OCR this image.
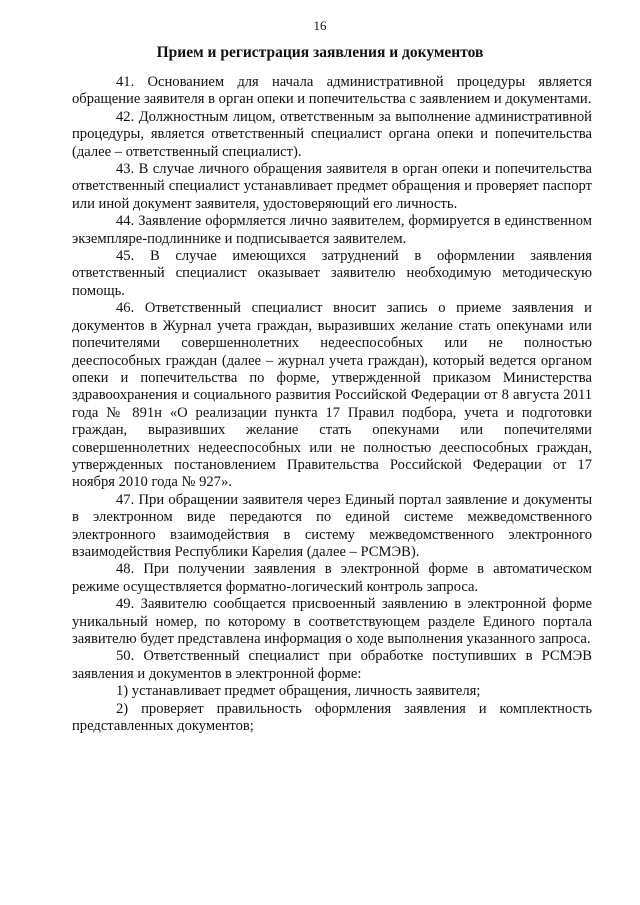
16
Прием и регистрация заявления и документов

41. Основанием для начала административной процедуры является обращение заявителя в орган опеки и попечительства с заявлением и документами.

42. Должностным лицом, ответственным за выполнение административной процедуры, является ответственный специалист органа опеки и попечительства (далее – ответственный специалист).

43. В случае личного обращения заявителя в орган опеки и попечительства ответственный специалист устанавливает предмет обращения и проверяет паспорт или иной документ заявителя, удостоверяющий его личность.

44. Заявление оформляется лично заявителем, формируется в единственном экземпляре-подлиннике и подписывается заявителем.

45. В случае имеющихся затруднений в оформлении заявления ответственный специалист оказывает заявителю необходимую методическую помощь.

46. Ответственный специалист вносит запись о приеме заявления и документов в Журнал учета граждан, выразивших желание стать опекунами или попечителями совершеннолетних недееспособных или не полностью дееспособных граждан (далее – журнал учета граждан), который ведется органом опеки и попечительства по форме, утвержденной приказом Министерства здравоохранения и социального развития Российской Федерации от 8 августа 2011 года № 891н «О реализации пункта 17 Правил подбора, учета и подготовки граждан, выразивших желание стать опекунами или попечителями совершеннолетних недееспособных или не полностью дееспособных граждан, утвержденных постановлением Правительства Российской Федерации от 17 ноября 2010 года № 927».

47. При обращении заявителя через Единый портал заявление и документы в электронном виде передаются по единой системе межведомственного электронного взаимодействия в систему межведомственного электронного взаимодействия Республики Карелия (далее – РСМЭВ).

48. При получении заявления в электронной форме в автоматическом режиме осуществляется форматно-логический контроль запроса.

49. Заявителю сообщается присвоенный заявлению в электронной форме уникальный номер, по которому в соответствующем разделе Единого портала заявителю будет представлена информация о ходе выполнения указанного запроса.

50. Ответственный специалист при обработке поступивших в РСМЭВ заявления и документов в электронной форме:

1) устанавливает предмет обращения, личность заявителя;

2) проверяет правильность оформления заявления и комплектность представленных документов;
